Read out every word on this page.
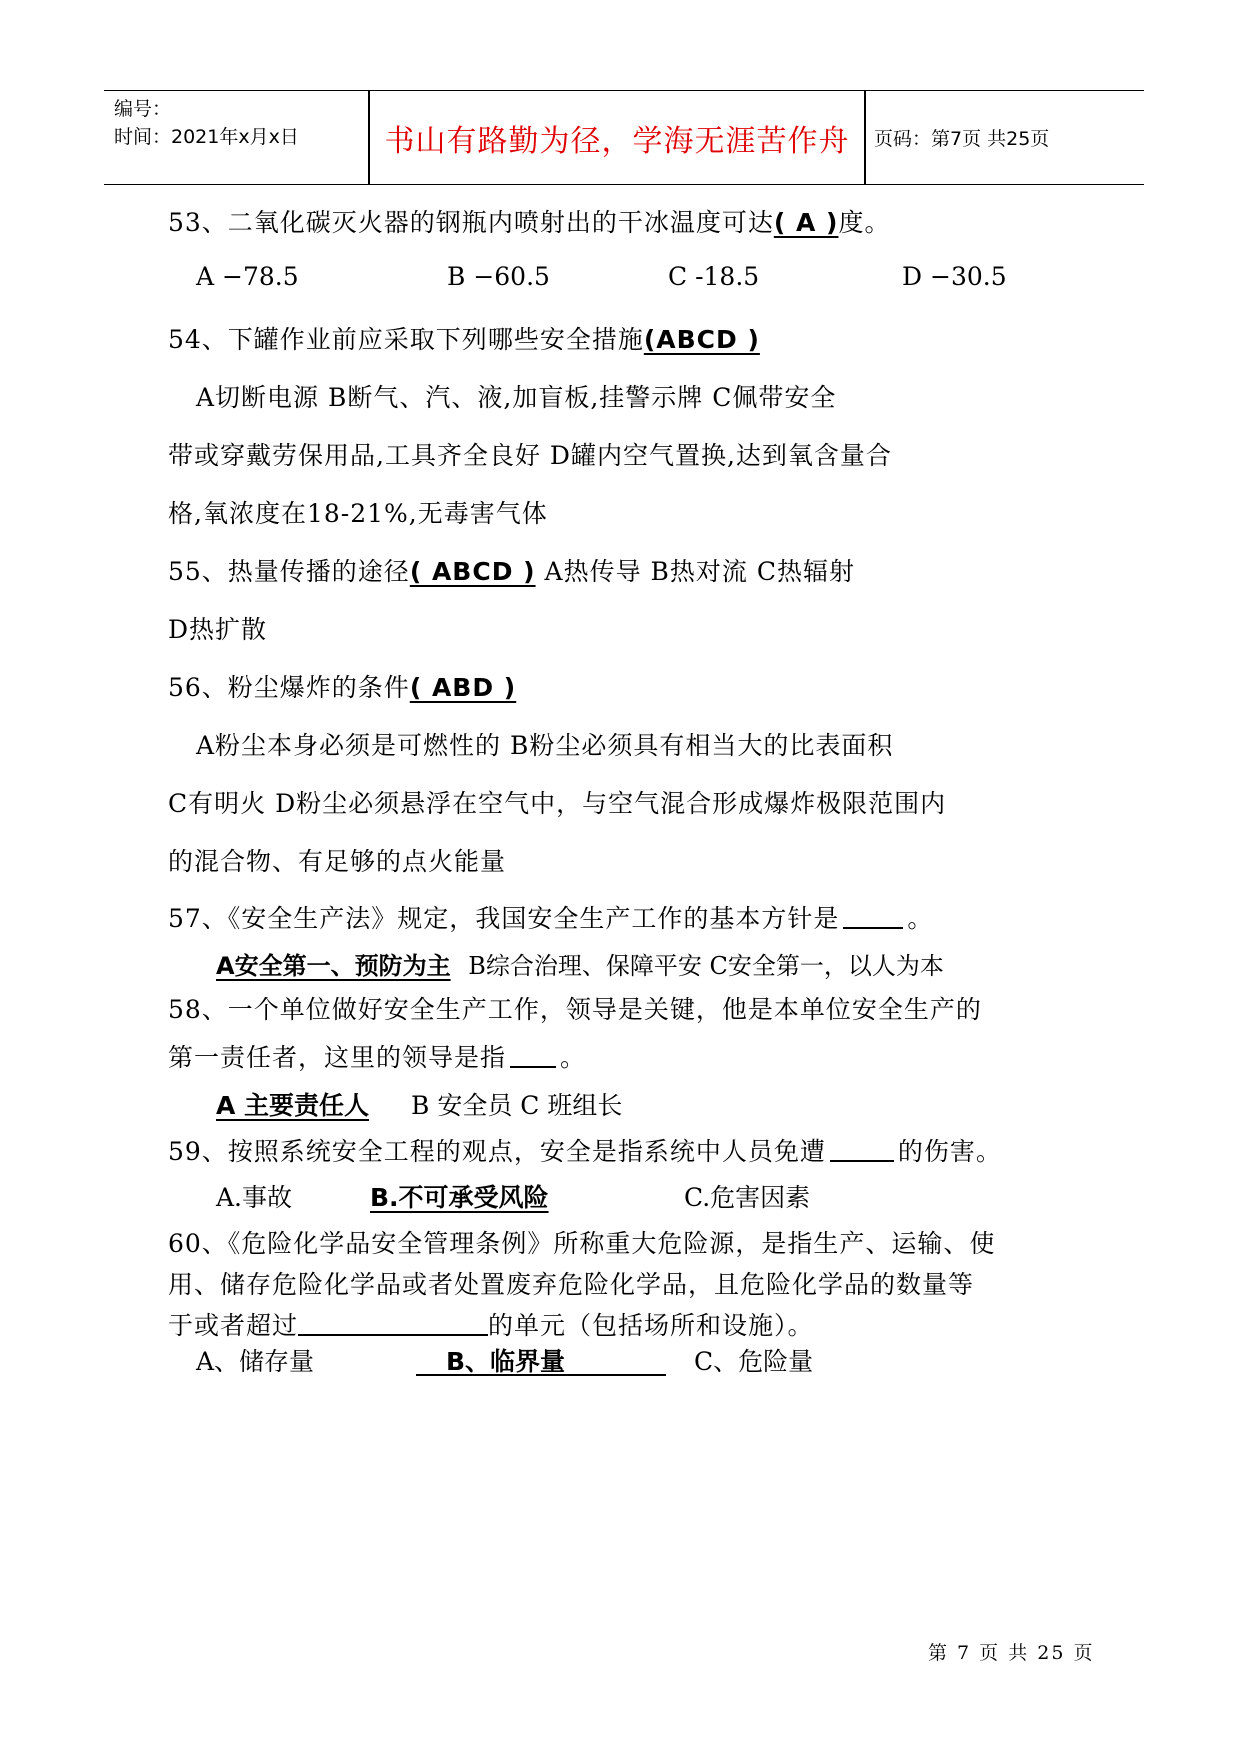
编号：
时间：2021年x月x日	书山有路勤为径，学海无涯苦作舟	页码：第7页 共25页
53、二氧化碳灭火器的钢瓶内喷射出的干冰温度可达( A )度。
A −78.5	B −60.5	C -18.5	D −30.5
54、下罐作业前应采取下列哪些安全措施(ABCD )
A切断电源 B断气、汽、液,加盲板,挂警示牌 C佩带安全
带或穿戴劳保用品,工具齐全良好 D罐内空气置换,达到氧含量合
格,氧浓度在18-21%,无毒害气体
55、热量传播的途径( ABCD ) A热传导 B热对流 C热辐射
D热扩散
56、粉尘爆炸的条件( ABD )
A粉尘本身必须是可燃性的 B粉尘必须具有相当大的比表面积
C有明火 D粉尘必须悬浮在空气中，与空气混合形成爆炸极限范围内
的混合物、有足够的点火能量
57、《安全生产法》规定，我国安全生产工作的基本方针是	。
A安全第一、预防为主 B综合治理、保障平安 C安全第一，以人为本
58、一个单位做好安全生产工作，领导是关键，他是本单位安全生产的
第一责任者，这里的领导是指 。
A 主要责任人 B 安全员 C 班组长
59、按照系统安全工程的观点，安全是指系统中人员免遭	的伤害。
A.事故	B.不可承受风险	C.危害因素
60、《危险化学品安全管理条例》所称重大危险源，是指生产、运输、使
用、储存危险化学品或者处置废弃危险化学品，且危险化学品的数量等
于或者超过	的单元（包括场所和设施）。
A、储存量	B、临界量	C、危险量
第 7 页 共 25 页
